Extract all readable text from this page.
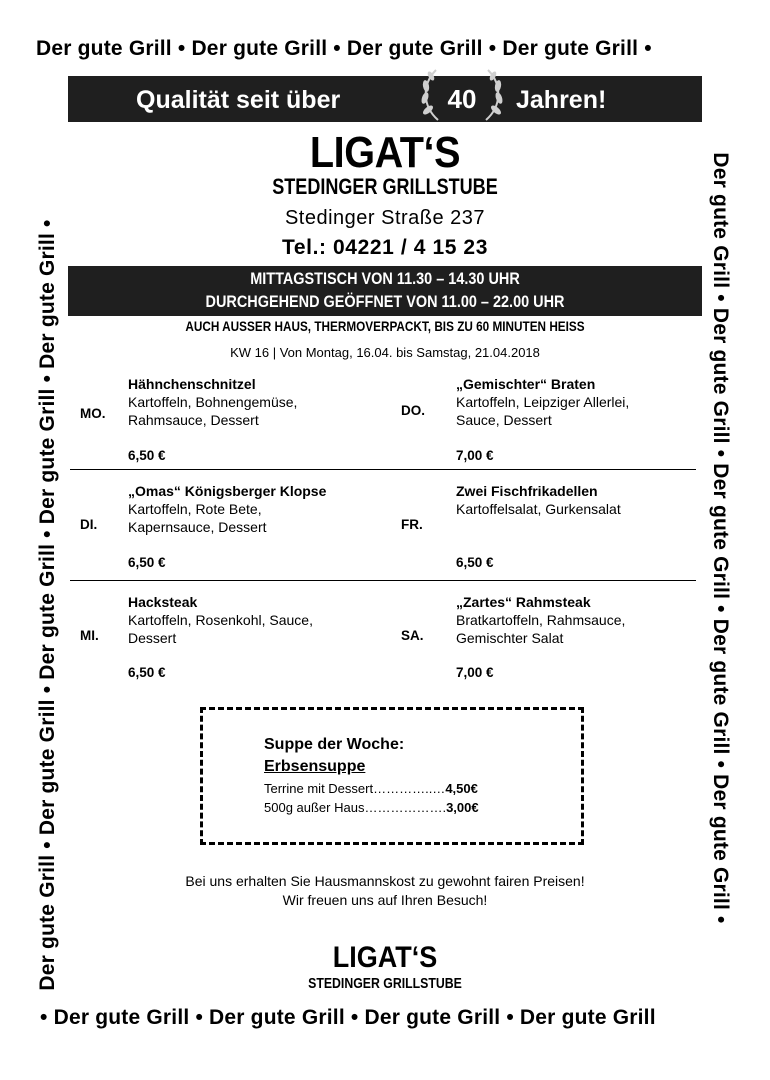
Der gute Grill • Der gute Grill • Der gute Grill • Der gute Grill •
• Der gute Grill • Der gute Grill • Der gute Grill • Der gute Grill
Der gute Grill • Der gute Grill • Der gute Grill • Der gute Grill • Der gute Grill •	Der gute Grill • Der gute Grill • Der gute Grill • Der gute Grill • Der gute Grill •
Qualität seit über	40 Jahren!
LIGAT‘S
STEDINGER GRILLSTUBE
Stedinger Straße 237
Tel.: 04221 / 4 15 23
MITTAGSTISCH VON 11.30 – 14.30 UHR
DURCHGEHEND GEÖFFNET VON 11.00 – 22.00 UHR
AUCH AUSSER HAUS, THERMOVERPACKT, BIS ZU 60 MINUTEN HEISS
KW 16 | Von Montag, 16.04. bis Samstag, 21.04.2018
MO.
Hähnchenschnitzel
Kartoffeln, Bohnengemüse,
Rahmsauce, Dessert
6,50 €
DO.
„Gemischter“ Braten
Kartoffeln, Leipziger Allerlei,
Sauce, Dessert
7,00 €
DI.
„Omas“ Königsberger Klopse
Kartoffeln, Rote Bete,
Kapernsauce, Dessert
6,50 €
FR.
Zwei Fischfrikadellen
Kartoffelsalat, Gurkensalat
6,50 €
MI.
Hacksteak
Kartoffeln, Rosenkohl, Sauce,
Dessert
6,50 €
SA.
„Zartes“ Rahmsteak
Bratkartoffeln, Rahmsauce,
Gemischter Salat
7,00 €
Suppe der Woche:
Erbsensuppe
Terrine mit Dessert…………..…4,50€
500g außer Haus……………….3,00€
Bei uns erhalten Sie Hausmannskost zu gewohnt fairen Preisen!
Wir freuen uns auf Ihren Besuch!
LIGAT‘S
STEDINGER GRILLSTUBE
